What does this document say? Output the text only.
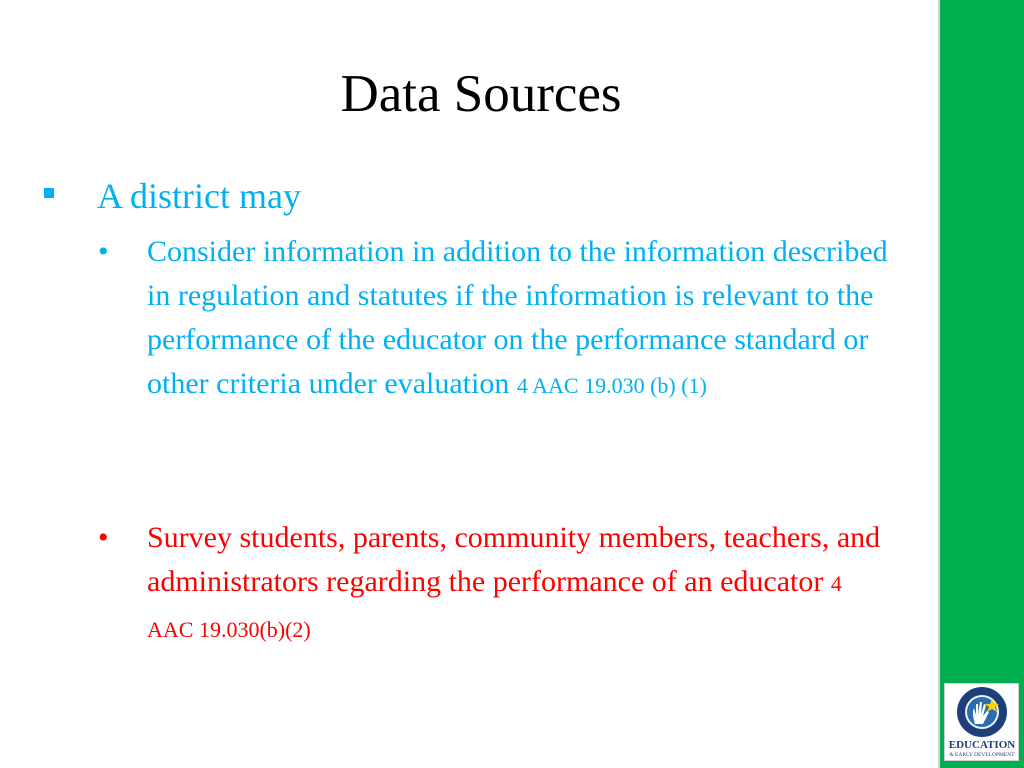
Data Sources
A district may
• Consider information in addition to the information described in regulation and statutes if the information is relevant to the performance of the educator on the performance standard or other criteria under evaluation 4 AAC 19.030 (b) (1)
• Survey students, parents, community members, teachers, and administrators regarding the performance of an educator 4 AAC 19.030(b)(2)
EDUCATION
& EARLY DEVELOPMENT
